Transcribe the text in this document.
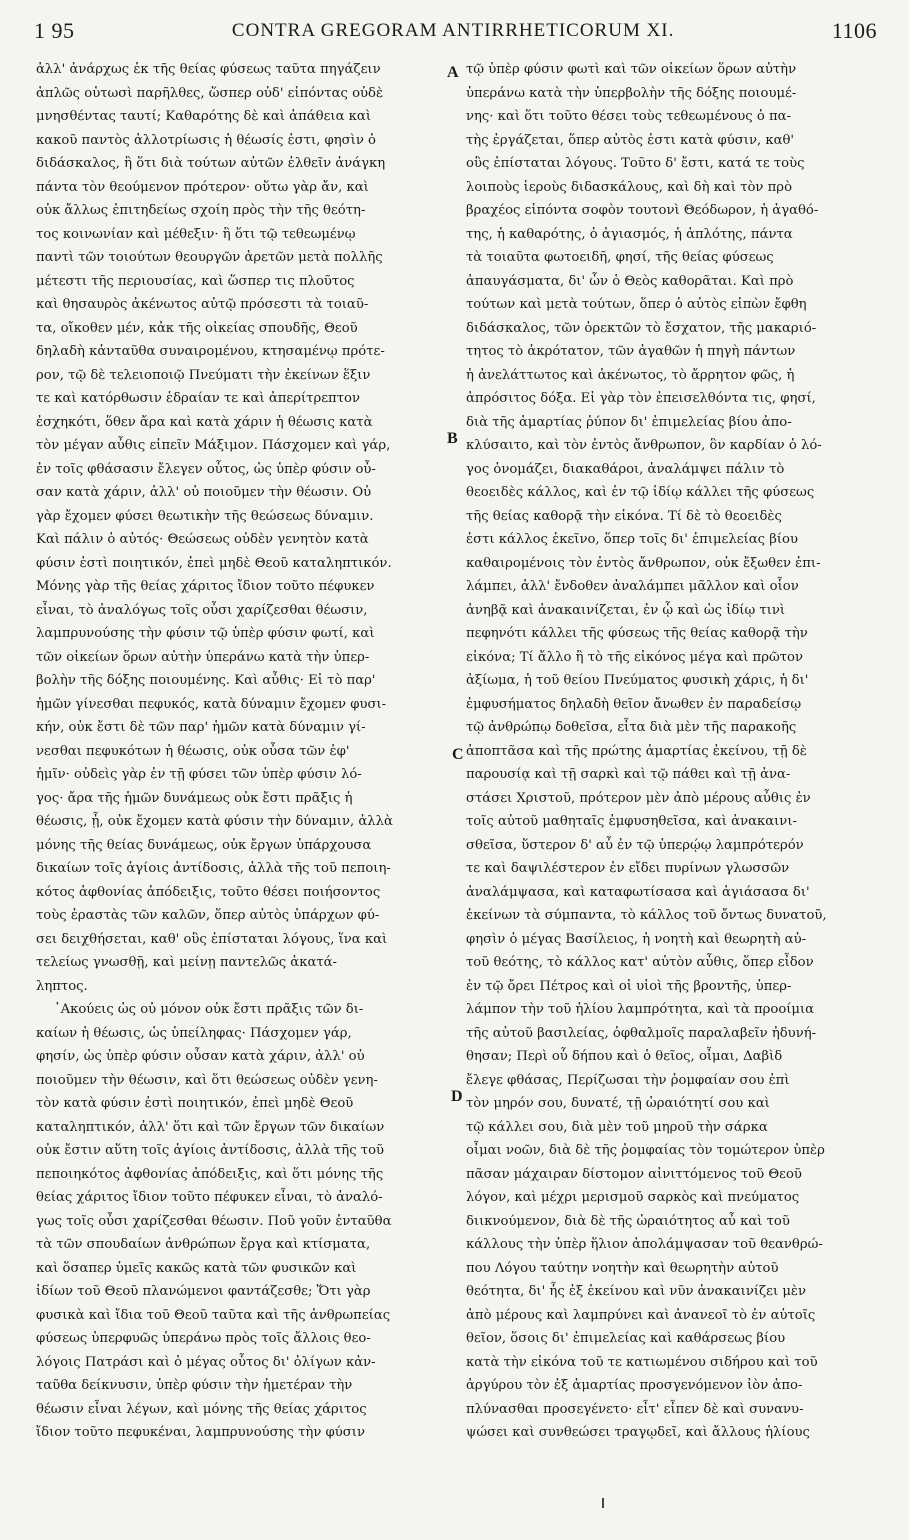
1 95	CONTRA GREGORAM ANTIRRHETICORUM XI.	1106
A
B
C
D
ἀλλ' ἀνάρχως ἐκ τῆς θείας φύσεως ταῦτα πηγάζειν
ἁπλῶς οὑτωσὶ παρῆλθες, ὥσπερ οὐδ' εἰπόντας οὐδὲ
μνησθέντας ταυτί; Καθαρότης δὲ καὶ ἀπάθεια καὶ
κακοῦ παντὸς ἀλλοτρίωσις ἡ θέωσίς ἐστι, φησὶν ὁ
διδάσκαλος, ἢ ὅτι διὰ τούτων αὐτῶν ἐλθεῖν ἀνάγκη
πάντα τὸν θεούμενον πρότερον· οὕτω γὰρ ἄν, καὶ
οὐκ ἄλλως ἐπιτηδείως σχοίη πρὸς τὴν τῆς θεότη-
τος κοινωνίαν καὶ μέθεξιν· ἢ ὅτι τῷ τεθεωμένῳ
παντὶ τῶν τοιούτων θεουργῶν ἀρετῶν μετὰ πολλῆς
μέτεστι τῆς περιουσίας, καὶ ὥσπερ τις πλοῦτος
καὶ θησαυρὸς ἀκένωτος αὐτῷ πρόσεστι τὰ τοιαῦ-
τα, οἴκοθεν μέν, κἀκ τῆς οἰκείας σπουδῆς, Θεοῦ
δηλαδὴ κἀνταῦθα συναιρομένου, κτησαμένῳ πρότε-
ρον, τῷ δὲ τελειοποιῷ Πνεύματι τὴν ἐκείνων ἕξιν
τε καὶ κατόρθωσιν ἑδραίαν τε καὶ ἀπερίτρεπτον
ἐσχηκότι, ὅθεν ἄρα καὶ κατὰ χάριν ἡ θέωσις κατὰ
τὸν μέγαν αὖθις εἰπεῖν Μάξιμον. Πάσχομεν καὶ γάρ,
ἐν τοῖς φθάσασιν ἔλεγεν οὗτος, ὡς ὑπὲρ φύσιν οὖ-
σαν κατὰ χάριν, ἀλλ' οὐ ποιοῦμεν τὴν θέωσιν. Οὐ
γὰρ ἔχομεν φύσει θεωτικὴν τῆς θεώσεως δύναμιν.
Καὶ πάλιν ὁ αὐτός· Θεώσεως οὐδὲν γενητὸν κατὰ
φύσιν ἐστὶ ποιητικόν, ἐπεὶ μηδὲ Θεοῦ καταληπτικόν.
Μόνης γὰρ τῆς θείας χάριτος ἴδιον τοῦτο πέφυκεν
εἶναι, τὸ ἀναλόγως τοῖς οὖσι χαρίζεσθαι θέωσιν,
λαμπρυνούσης τὴν φύσιν τῷ ὑπὲρ φύσιν φωτί, καὶ
τῶν οἰκείων ὅρων αὐτὴν ὑπεράνω κατὰ τὴν ὑπερ-
βολὴν τῆς δόξης ποιουμένης. Καὶ αὖθις· Εἰ τὸ παρ'
ἡμῶν γίνεσθαι πεφυκός, κατὰ δύναμιν ἔχομεν φυσι-
κήν, οὐκ ἔστι δὲ τῶν παρ' ἡμῶν κατὰ δύναμιν γί-
νεσθαι πεφυκότων ἡ θέωσις, οὐκ οὖσα τῶν ἐφ'
ἡμῖν· οὐδεὶς γὰρ ἐν τῇ φύσει τῶν ὑπὲρ φύσιν λό-
γος· ἄρα τῆς ἡμῶν δυνάμεως οὐκ ἔστι πρᾶξις ἡ
θέωσις, ᾗ, οὐκ ἔχομεν κατὰ φύσιν τὴν δύναμιν, ἀλλὰ
μόνης τῆς θείας δυνάμεως, οὐκ ἔργων ὑπάρχουσα
δικαίων τοῖς ἁγίοις ἀντίδοσις, ἀλλὰ τῆς τοῦ πεποιη-
κότος ἀφθονίας ἀπόδειξις, τοῦτο θέσει ποιήσοντος
τοὺς ἐραστὰς τῶν καλῶν, ὅπερ αὐτὸς ὑπάρχων φύ-
σει δειχθήσεται, καθ' οὓς ἐπίσταται λόγους, ἵνα καὶ
τελείως γνωσθῇ, καὶ μείνῃ παντελῶς ἀκατά-
ληπτος.
᾽Ακούεις ὡς οὐ μόνον οὐκ ἔστι πρᾶξις τῶν δι-
καίων ἡ θέωσις, ὡς ὑπείληφας· Πάσχομεν γάρ,
φησίν, ὡς ὑπὲρ φύσιν οὖσαν κατὰ χάριν, ἀλλ' οὐ
ποιοῦμεν τὴν θέωσιν, καὶ ὅτι θεώσεως οὐδὲν γενη-
τὸν κατὰ φύσιν ἐστὶ ποιητικόν, ἐπεὶ μηδὲ Θεοῦ
καταληπτικόν, ἀλλ' ὅτι καὶ τῶν ἔργων τῶν δικαίων
οὐκ ἔστιν αὕτη τοῖς ἁγίοις ἀντίδοσις, ἀλλὰ τῆς τοῦ
πεποιηκότος ἀφθονίας ἀπόδειξις, καὶ ὅτι μόνης τῆς
θείας χάριτος ἴδιον τοῦτο πέφυκεν εἶναι, τὸ ἀναλό-
γως τοῖς οὖσι χαρίζεσθαι θέωσιν. Ποῦ γοῦν ἐνταῦθα
τὰ τῶν σπουδαίων ἀνθρώπων ἔργα καὶ κτίσματα,
καὶ ὅσαπερ ὑμεῖς κακῶς κατὰ τῶν φυσικῶν καὶ
ἰδίων τοῦ Θεοῦ πλανώμενοι φαντάζεσθε; Ὅτι γὰρ
φυσικὰ καὶ ἴδια τοῦ Θεοῦ ταῦτα καὶ τῆς ἀνθρωπείας
φύσεως ὑπερφυῶς ὑπεράνω πρὸς τοῖς ἄλλοις θεο-
λόγοις Πατράσι καὶ ὁ μέγας οὗτος δι' ὀλίγων κἀν-
ταῦθα δείκνυσιν, ὑπὲρ φύσιν τὴν ἡμετέραν τὴν
θέωσιν εἶναι λέγων, καὶ μόνης τῆς θείας χάριτος
ἴδιον τοῦτο πεφυκέναι, λαμπρυνούσης τὴν φύσιν
τῷ ὑπὲρ φύσιν φωτὶ καὶ τῶν οἰκείων ὅρων αὐτὴν
ὑπεράνω κατὰ τὴν ὑπερβολὴν τῆς δόξης ποιουμέ-
νης· καὶ ὅτι τοῦτο θέσει τοὺς τεθεωμένους ὁ πα-
τὴς ἐργάζεται, ὅπερ αὐτὸς ἐστι κατὰ φύσιν, καθ'
οὓς ἐπίσταται λόγους. Τοῦτο δ' ἔστι, κατά τε τοὺς
λοιποὺς ἱεροὺς διδασκάλους, καὶ δὴ καὶ τὸν πρὸ
βραχέος εἰπόντα σοφὸν τουτονὶ Θεόδωρον, ἡ ἀγαθό-
της, ἡ καθαρότης, ὁ ἁγιασμός, ἡ ἁπλότης, πάντα
τὰ τοιαῦτα φωτοειδῆ, φησί, τῆς θείας φύσεως
ἀπαυγάσματα, δι' ὧν ὁ Θεὸς καθορᾶται. Καὶ πρὸ
τούτων καὶ μετὰ τούτων, ὅπερ ὁ αὐτὸς εἰπὼν ἔφθη
διδάσκαλος, τῶν ὀρεκτῶν τὸ ἔσχατον, τῆς μακαριό-
τητος τὸ ἀκρότατον, τῶν ἀγαθῶν ἡ πηγὴ πάντων
ἡ ἀνελάττωτος καὶ ἀκένωτος, τὸ ἄρρητον φῶς, ἡ
ἀπρόσιτος δόξα. Εἰ γὰρ τὸν ἐπεισελθόντα τις, φησί,
διὰ τῆς ἁμαρτίας ῥύπον δι' ἐπιμελείας βίου ἀπο-
κλύσαιτο, καὶ τὸν ἐντὸς ἄνθρωπον, ὃν καρδίαν ὁ λό-
γος ὀνομάζει, διακαθάροι, ἀναλάμψει πάλιν τὸ
θεοειδὲς κάλλος, καὶ ἐν τῷ ἰδίῳ κάλλει τῆς φύσεως
τῆς θείας καθορᾷ τὴν εἰκόνα. Τί δὲ τὸ θεοειδὲς
ἐστι κάλλος ἐκεῖνο, ὅπερ τοῖς δι' ἐπιμελείας βίου
καθαιρομένοις τὸν ἐντὸς ἄνθρωπον, οὐκ ἔξωθεν ἐπι-
λάμπει, ἀλλ' ἔνδοθεν ἀναλάμπει μᾶλλον καὶ οἷον
ἀνηβᾷ καὶ ἀνακαινίζεται, ἐν ᾧ καὶ ὡς ἰδίῳ τινὶ
πεφηνότι κάλλει τῆς φύσεως τῆς θείας καθορᾷ τὴν
εἰκόνα; Τί ἄλλο ἢ τὸ τῆς εἰκόνος μέγα καὶ πρῶτον
ἀξίωμα, ἡ τοῦ θείου Πνεύματος φυσικὴ χάρις, ἡ δι'
ἐμφυσήματος δηλαδὴ θεῖον ἄνωθεν ἐν παραδείσῳ
τῷ ἀνθρώπῳ δοθεῖσα, εἶτα διὰ μὲν τῆς παρακοῆς
ἀποπτᾶσα καὶ τῆς πρώτης ἁμαρτίας ἐκείνου, τῇ δὲ
παρουσίᾳ καὶ τῇ σαρκὶ καὶ τῷ πάθει καὶ τῇ ἀνα-
στάσει Χριστοῦ, πρότερον μὲν ἀπὸ μέρους αὖθις ἐν
τοῖς αὐτοῦ μαθηταῖς ἐμφυσηθεῖσα, καὶ ἀνακαινι-
σθεῖσα, ὕστερον δ' αὖ ἐν τῷ ὑπερῴῳ λαμπρότερόν
τε καὶ δαψιλέστερον ἐν εἴδει πυρίνων γλωσσῶν
ἀναλάμψασα, καὶ καταφωτίσασα καὶ ἁγιάσασα δι'
ἐκείνων τὰ σύμπαντα, τὸ κάλλος τοῦ ὄντως δυνατοῦ,
φησὶν ὁ μέγας Βασίλειος, ἡ νοητὴ καὶ θεωρητὴ αὐ-
τοῦ θεότης, τὸ κάλλος κατ' αὐτὸν αὖθις, ὅπερ εἶδον
ἐν τῷ ὄρει Πέτρος καὶ οἱ υἱοὶ τῆς βροντῆς, ὑπερ-
λάμπον τὴν τοῦ ἡλίου λαμπρότητα, καὶ τὰ προοίμια
τῆς αὐτοῦ βασιλείας, ὀφθαλμοῖς παραλαβεῖν ἠδυνή-
θησαν; Περὶ οὗ δήπου καὶ ὁ θεῖος, οἶμαι, Δαβὶδ
ἔλεγε φθάσας, Περίζωσαι τὴν ῥομφαίαν σου ἐπὶ
τὸν μηρόν σου, δυνατέ, τῇ ὡραιότητί σου καὶ
τῷ κάλλει σου, διὰ μὲν τοῦ μηροῦ τὴν σάρκα
οἶμαι νοῶν, διὰ δὲ τῆς ῥομφαίας τὸν τομώτερον ὑπὲρ
πᾶσαν μάχαιραν δίστομον αἰνιττόμενος τοῦ Θεοῦ
λόγον, καὶ μέχρι μερισμοῦ σαρκὸς καὶ πνεύματος
διικνούμενον, διὰ δὲ τῆς ὡραιότητος αὖ καὶ τοῦ
κάλλους τὴν ὑπὲρ ἥλιον ἀπολάμψασαν τοῦ θεανθρώ-
που Λόγου ταύτην νοητὴν καὶ θεωρητὴν αὐτοῦ
θεότητα, δι' ἧς ἐξ ἐκείνου καὶ νῦν ἀνακαινίζει μὲν
ἀπὸ μέρους καὶ λαμπρύνει καὶ ἀνανεοῖ τὸ ἐν αὐτοῖς
θεῖον, ὅσοις δι' ἐπιμελείας καὶ καθάρσεως βίου
κατὰ τὴν εἰκόνα τοῦ τε κατιωμένου σιδήρου καὶ τοῦ
ἀργύρου τὸν ἐξ ἁμαρτίας προσγενόμενον ἰὸν ἀπο-
πλύνασθαι προσεγένετο· εἶτ' εἶπεν δὲ καὶ συνανυ-
ψώσει καὶ συνθεώσει τραγῳδεῖ, καὶ ἄλλους ἡλίους
